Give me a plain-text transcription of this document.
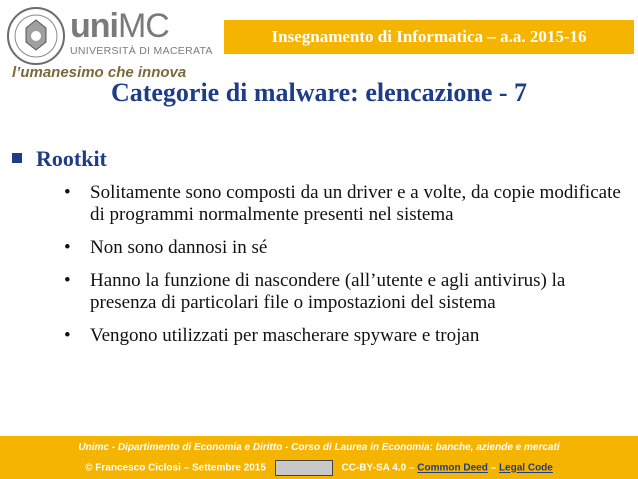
uniMC
UNIVERSITÀ DI MACERATA
l’umanesimo che innova
Insegnamento di Informatica – a.a. 2015-16
Categorie di malware: elencazione - 7
Rootkit
• Solitamente sono composti da un driver e a volte, da copie modificate di programmi normalmente presenti nel sistema
• Non sono dannosi in sé
• Hanno la funzione di nascondere (all’utente e agli antivirus) la presenza di particolari file o impostazioni del sistema
• Vengono utilizzati per mascherare spyware e trojan
Unimc - Dipartimento di Economia e Diritto - Corso di Laurea in Economia: banche, aziende e mercati
© Francesco Ciclosi – Settembre 2015	CC-BY-SA 4.0 – Common Deed – Legal Code
